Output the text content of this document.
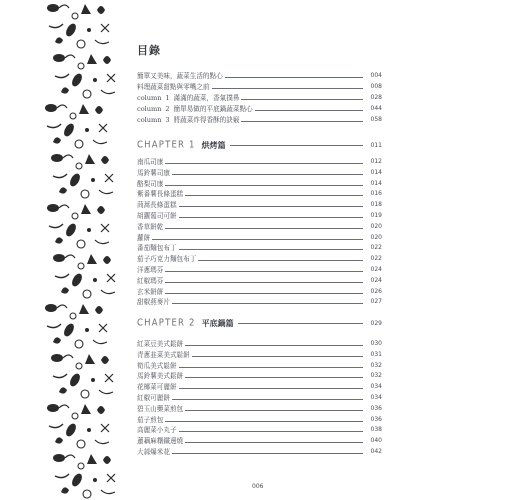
目錄
簡單又美味，蔬菜生活的點心	004
料理蔬菜甜點與零嘴之前	008
column 1 滿滿的蔬菜，香氣撲鼻	028
column 2 簡單易做的平底鍋蔬菜點心	044
column 3 將蔬菜炸得香酥的訣竅	058
CHAPTER 1 烘烤篇	011
南瓜司康	012
馬鈴薯司康	014
酪梨司康	014
紫番薯長條蛋糕	016
茼蒿長條蛋糕	018
胡蘿蔔司可餅	019
香草餅乾	020
蘿餅	020
番茄麵包布丁	022
茄子巧克力麵包布丁	022
洋蔥瑪芬	024
紅椒瑪芬	024
玄米餅餅	026
甜椒燕麥片	027
CHAPTER 2 平底鍋篇	029
紅菜豆美式鬆餅	030
青蔥韭菜美式鬆餅	031
筍瓜美式鬆餅	032
馬鈴薯美式鬆餅	032
花椰菜可麗餅	034
紅椒可麗餅	034
碧玉山藥菜煎包	036
茄子煎包	036
高麗菜小丸子	038
蓮藕麻糬鐵邊燒	040
大蒜爆米花	042
006
